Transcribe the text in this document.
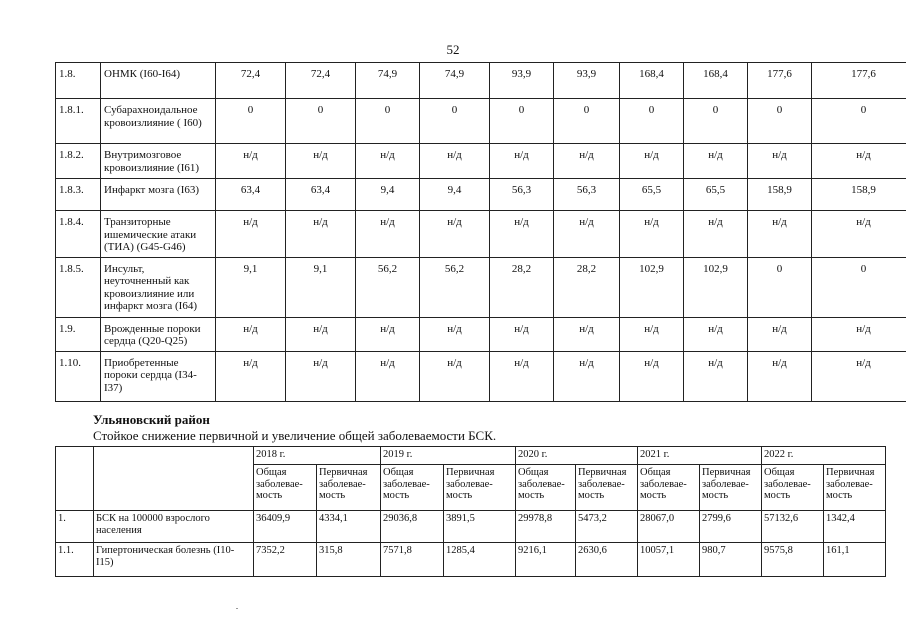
52
1.8.	ОНМК (I60-I64)	72,4	72,4	74,9	74,9	93,9	93,9	168,4	168,4	177,6	177,6
1.8.1.	Субарахноидальное кровоизлияние ( I60)	0	0	0	0	0	0	0	0	0	0
1.8.2.	Внутримозговое кровоизлияние (I61)	н/д	н/д	н/д	н/д	н/д	н/д	н/д	н/д	н/д	н/д
1.8.3.	Инфаркт мозга (I63)	63,4	63,4	9,4	9,4	56,3	56,3	65,5	65,5	158,9	158,9
1.8.4.	Транзиторные ишемические атаки (ТИА) (G45-G46)	н/д	н/д	н/д	н/д	н/д	н/д	н/д	н/д	н/д	н/д
1.8.5.	Инсульт, неуточненный как кровоизлияние или инфаркт мозга (I64)	9,1	9,1	56,2	56,2	28,2	28,2	102,9	102,9	0	0
1.9.	Врожденные пороки сердца (Q20-Q25)	н/д	н/д	н/д	н/д	н/д	н/д	н/д	н/д	н/д	н/д
1.10.	Приобретенные пороки сердца (I34-I37)	н/д	н/д	н/д	н/д	н/д	н/д	н/д	н/д	н/д	н/д
Ульяновский район
Стойкое снижение первичной и увеличение общей заболеваемости БСК.
		2018 г.		2019 г.		2020 г.		2021 г.		2022 г.	
		Общая заболевае-мость	Первичная заболевае-мость	Общая заболевае-мость	Первичная заболевае-мость	Общая заболевае-мость	Первичная заболевае-мость	Общая заболевае-мость	Первичная заболевае-мость	Общая заболевае-мость	Первичная заболевае-мость
1.	БСК на 100000 взрослого населения	36409,9	4334,1	29036,8	3891,5	29978,8	5473,2	28067,0	2799,6	57132,6	1342,4
1.1.	Гипертоническая болезнь (I10-I15)	7352,2	315,8	7571,8	1285,4	9216,1	2630,6	10057,1	980,7	9575,8	161,1
